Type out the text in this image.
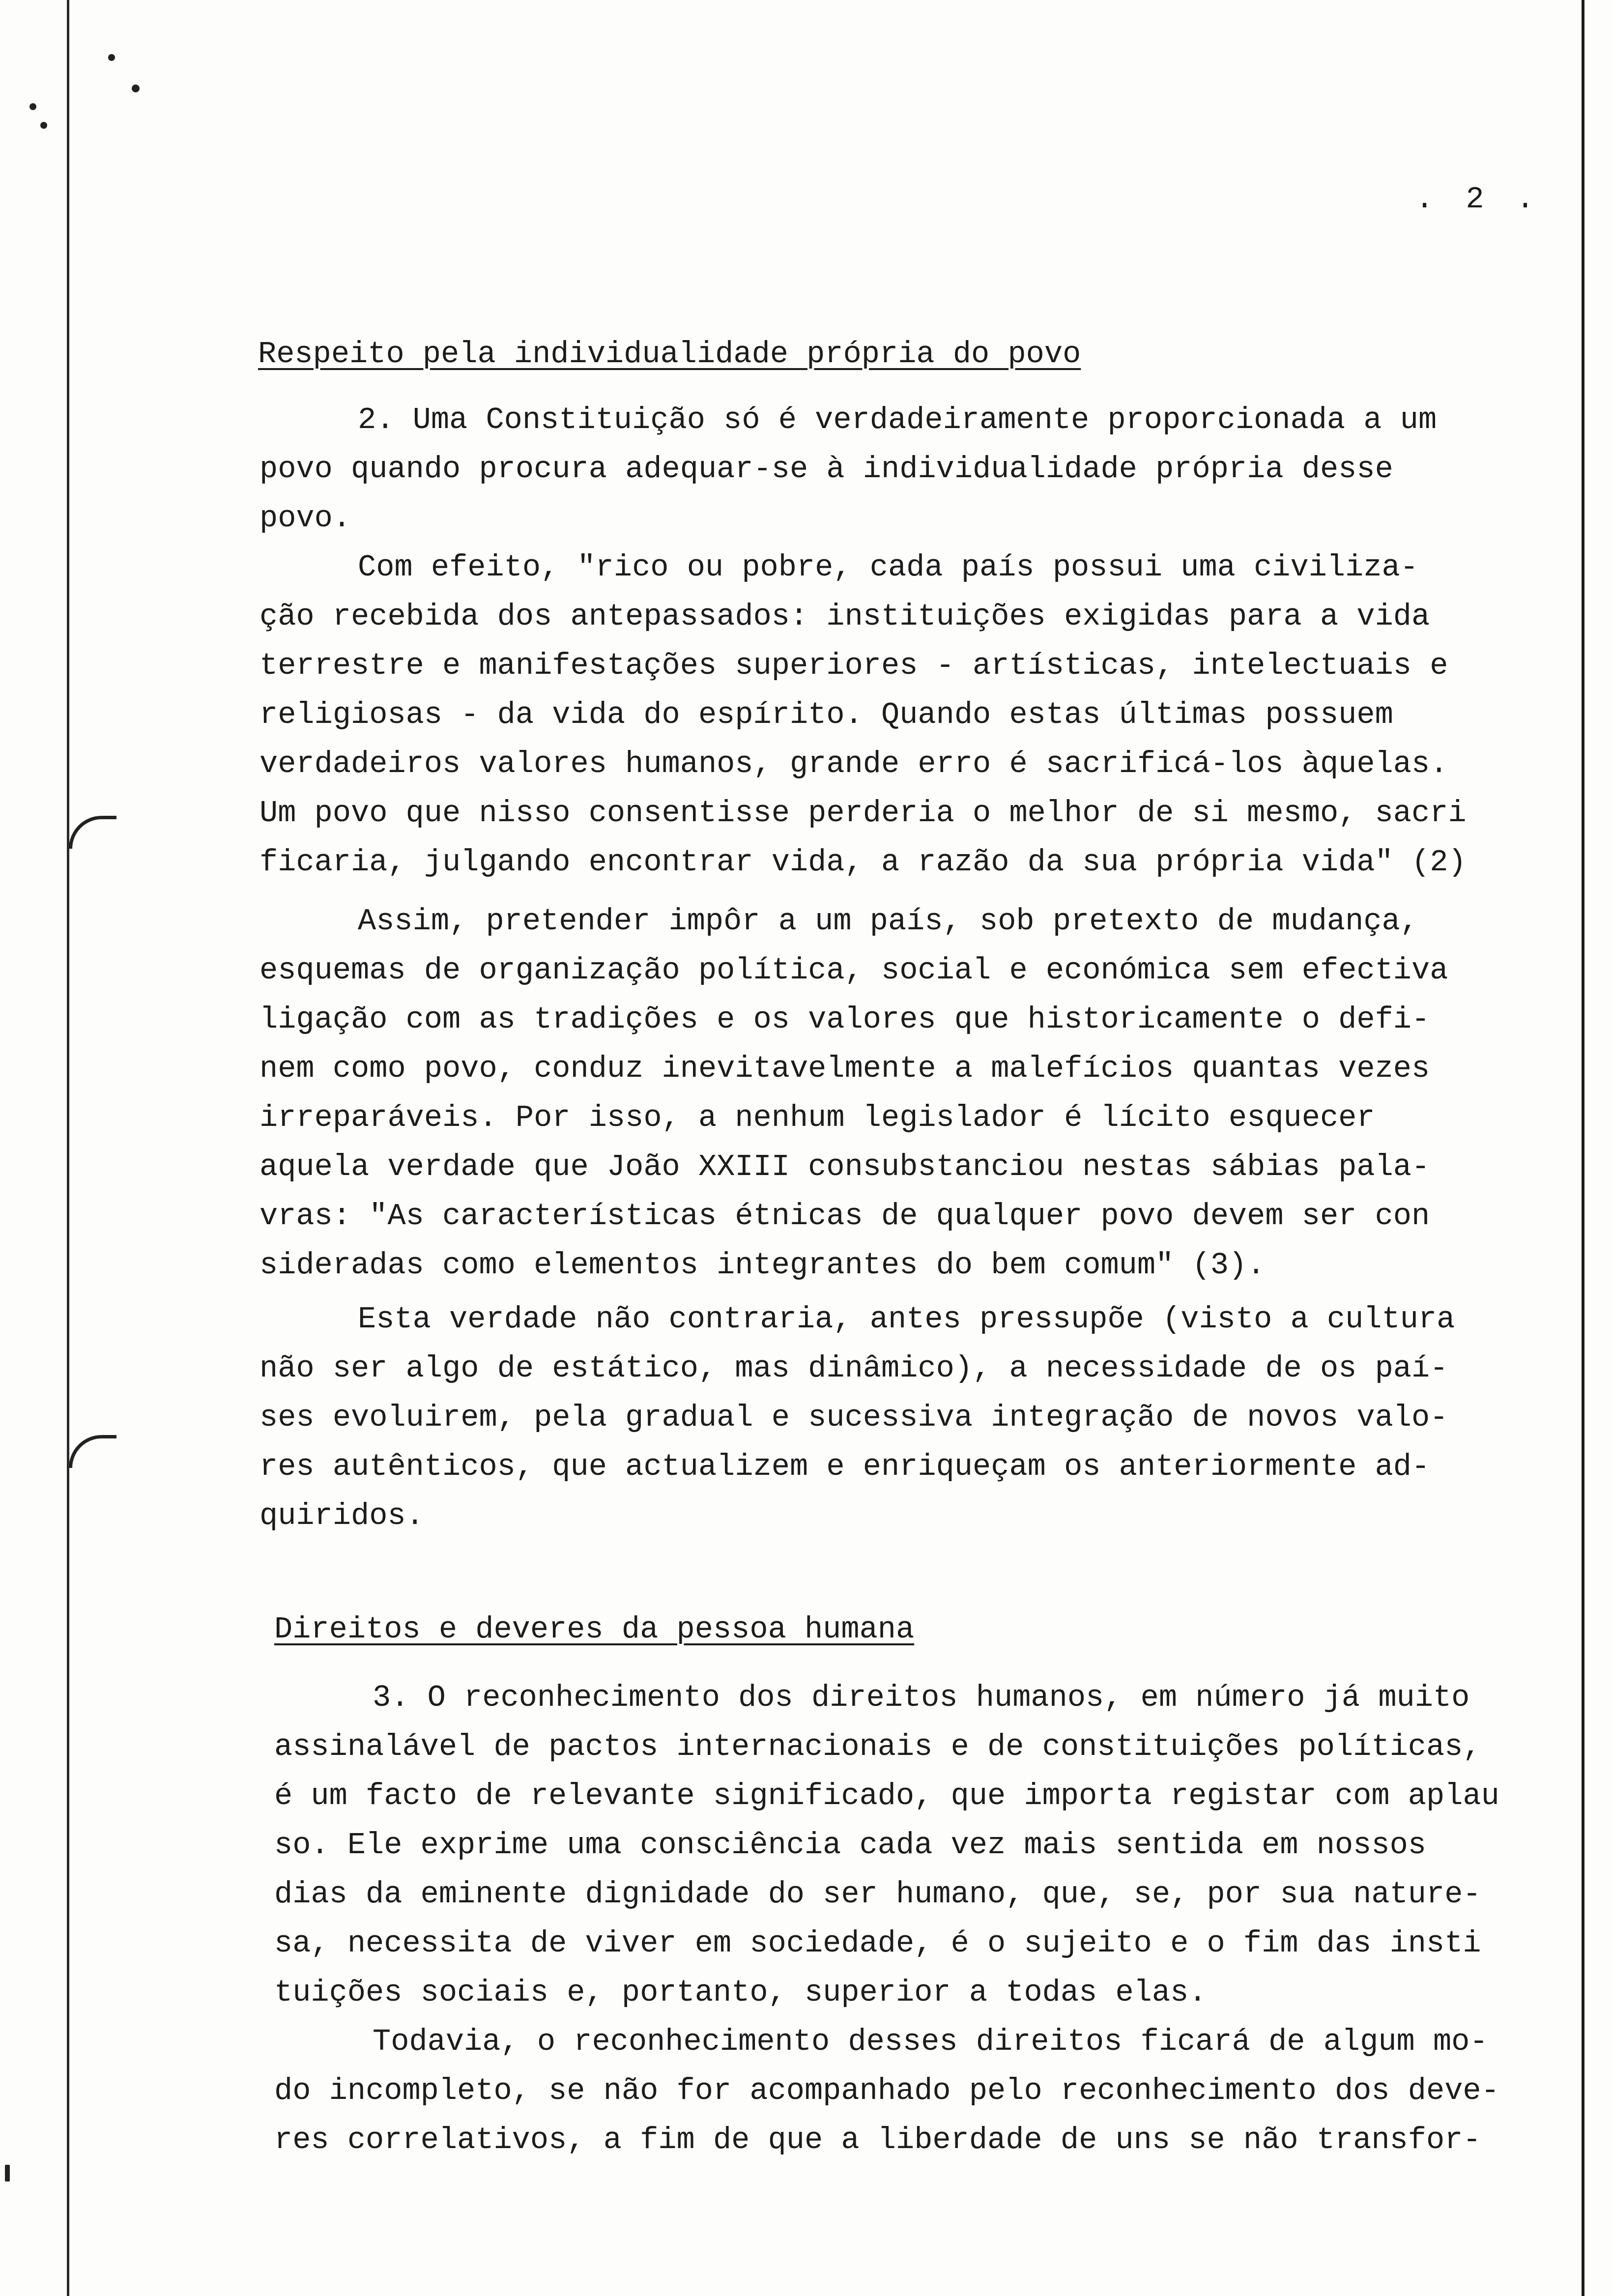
. 2 .
Respeito pela individualidade própria do povo
2. Uma Constituição só é verdadeiramente proporcionada a um
povo quando procura adequar-se à individualidade própria desse
povo.
Com efeito, "rico ou pobre, cada país possui uma civiliza-
ção recebida dos antepassados: instituições exigidas para a vida
terrestre e manifestações superiores - artísticas, intelectuais e
religiosas - da vida do espírito. Quando estas últimas possuem
verdadeiros valores humanos, grande erro é sacrificá-los àquelas.
Um povo que nisso consentisse perderia o melhor de si mesmo, sacri
ficaria, julgando encontrar vida, a razão da sua própria vida" (2)
Assim, pretender impôr a um país, sob pretexto de mudança,
esquemas de organização política, social e económica sem efectiva
ligação com as tradições e os valores que historicamente o defi-
nem como povo, conduz inevitavelmente a malefícios quantas vezes
irreparáveis. Por isso, a nenhum legislador é lícito esquecer
aquela verdade que João XXIII consubstanciou nestas sábias pala-
vras: "As características étnicas de qualquer povo devem ser con
sideradas como elementos integrantes do bem comum" (3).
Esta verdade não contraria, antes pressupõe (visto a cultura
não ser algo de estático, mas dinâmico), a necessidade de os paí-
ses evoluirem, pela gradual e sucessiva integração de novos valo-
res autênticos, que actualizem e enriqueçam os anteriormente ad-
quiridos.
Direitos e deveres da pessoa humana
3. O reconhecimento dos direitos humanos, em número já muito
assinalável de pactos internacionais e de constituições políticas,
é um facto de relevante significado, que importa registar com aplau
so. Ele exprime uma consciência cada vez mais sentida em nossos
dias da eminente dignidade do ser humano, que, se, por sua nature-
sa, necessita de viver em sociedade, é o sujeito e o fim das insti
tuições sociais e, portanto, superior a todas elas.
Todavia, o reconhecimento desses direitos ficará de algum mo-
do incompleto, se não for acompanhado pelo reconhecimento dos deve-
res correlativos, a fim de que a liberdade de uns se não transfor-
